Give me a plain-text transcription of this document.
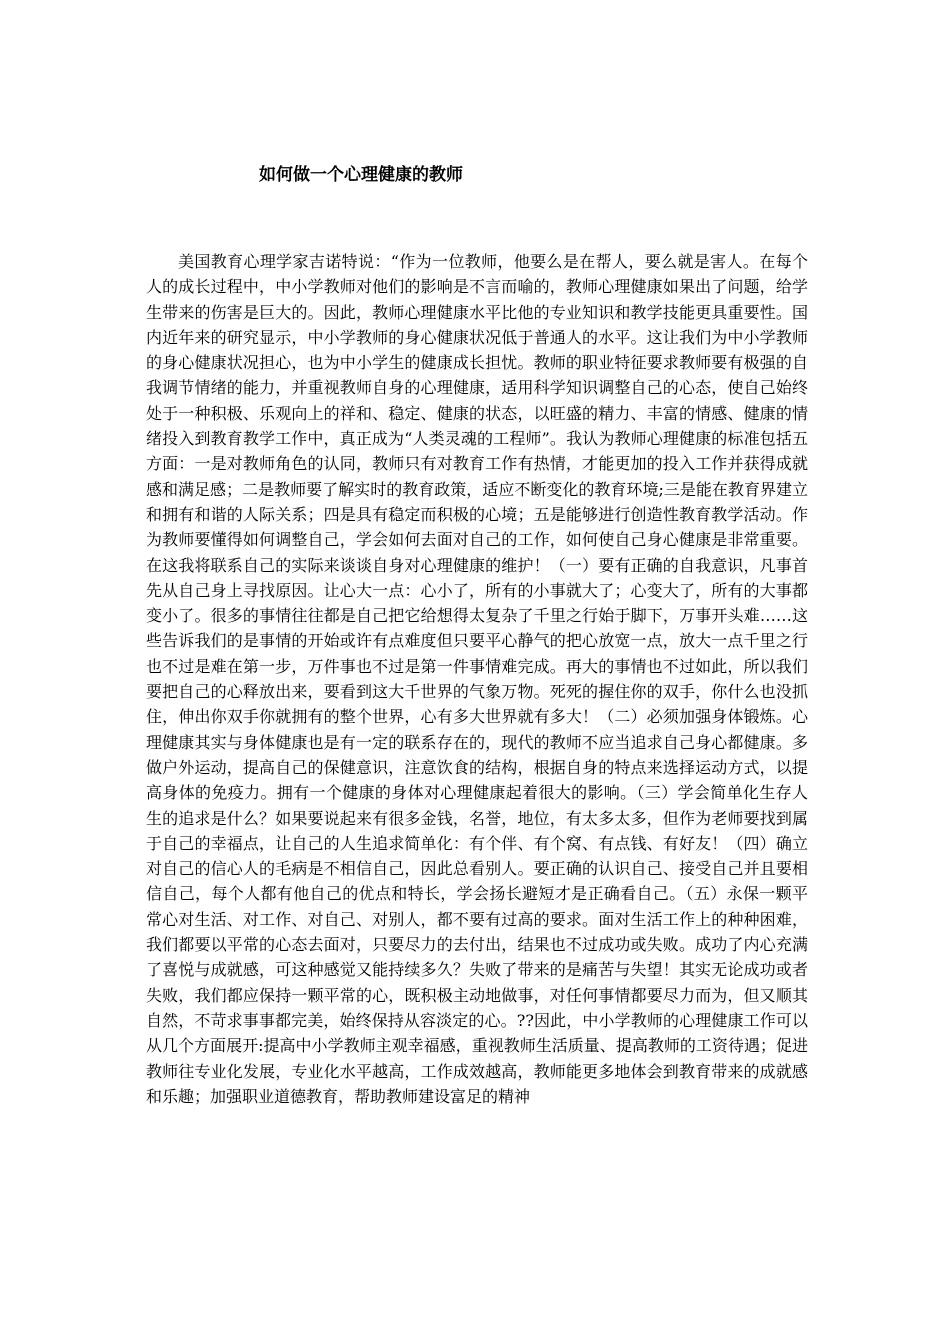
如何做一个心理健康的教师

美国教育心理学家吉诺特说：“作为一位教师，他要么是在帮人，要么就是害人。在每个人的成长过程中，中小学教师对他们的影响是不言而喻的，教师心理健康如果出了问题，给学生带来的伤害是巨大的。因此，教师心理健康水平比他的专业知识和教学技能更具重要性。国内近年来的研究显示，中小学教师的身心健康状况低于普通人的水平。这让我们为中小学教师的身心健康状况担心，也为中小学生的健康成长担忧。教师的职业特征要求教师要有极强的自我调节情绪的能力，并重视教师自身的心理健康，适用科学知识调整自己的心态，使自己始终处于一种积极、乐观向上的祥和、稳定、健康的状态，以旺盛的精力、丰富的情感、健康的情绪投入到教育教学工作中，真正成为“人类灵魂的工程师”。我认为教师心理健康的标准包括五方面：一是对教师角色的认同，教师只有对教育工作有热情，才能更加的投入工作并获得成就感和满足感；二是教师要了解实时的教育政策，适应不断变化的教育环境;三是能在教育界建立和拥有和谐的人际关系；四是具有稳定而积极的心境；五是能够进行创造性教育教学活动。作为教师要懂得如何调整自己，学会如何去面对自己的工作，如何使自己身心健康是非常重要。在这我将联系自己的实际来谈谈自身对心理健康的维护！（一）要有正确的自我意识，凡事首先从自己身上寻找原因。让心大一点：心小了，所有的小事就大了；心变大了，所有的大事都变小了。很多的事情往往都是自己把它给想得太复杂了千里之行始于脚下，万事开头难……这些告诉我们的是事情的开始或许有点难度但只要平心静气的把心放宽一点，放大一点千里之行也不过是难在第一步，万件事也不过是第一件事情难完成。再大的事情也不过如此，所以我们要把自己的心释放出来，要看到这大千世界的气象万物。死死的握住你的双手，你什么也没抓住，伸出你双手你就拥有的整个世界，心有多大世界就有多大！（二）必须加强身体锻炼。心理健康其实与身体健康也是有一定的联系存在的，现代的教师不应当追求自己身心都健康。多做户外运动，提高自己的保健意识，注意饮食的结构，根据自身的特点来选择运动方式，以提高身体的免疫力。拥有一个健康的身体对心理健康起着很大的影响。（三）学会简单化生存人生的追求是什么？如果要说起来有很多金钱，名誉，地位，有太多太多，但作为老师要找到属于自己的幸福点，让自己的人生追求简单化：有个伴、有个窝、有点钱、有好友！（四）确立对自己的信心人的毛病是不相信自己，因此总看别人。要正确的认识自己、接受自己并且要相信自己，每个人都有他自己的优点和特长，学会扬长避短才是正确看自己。（五）永保一颗平常心对生活、对工作、对自己、对别人，都不要有过高的要求。面对生活工作上的种种困难，我们都要以平常的心态去面对，只要尽力的去付出，结果也不过成功或失败。成功了内心充满了喜悦与成就感，可这种感觉又能持续多久？失败了带来的是痛苦与失望！其实无论成功或者失败，我们都应保持一颗平常的心，既积极主动地做事，对任何事情都要尽力而为，但又顺其自然，不苛求事事都完美，始终保持从容淡定的心。??因此，中小学教师的心理健康工作可以从几个方面展开:提高中小学教师主观幸福感，重视教师生活质量、提高教师的工资待遇；促进教师往专业化发展，专业化水平越高，工作成效越高，教师能更多地体会到教育带来的成就感和乐趣；加强职业道德教育，帮助教师建设富足的精神
